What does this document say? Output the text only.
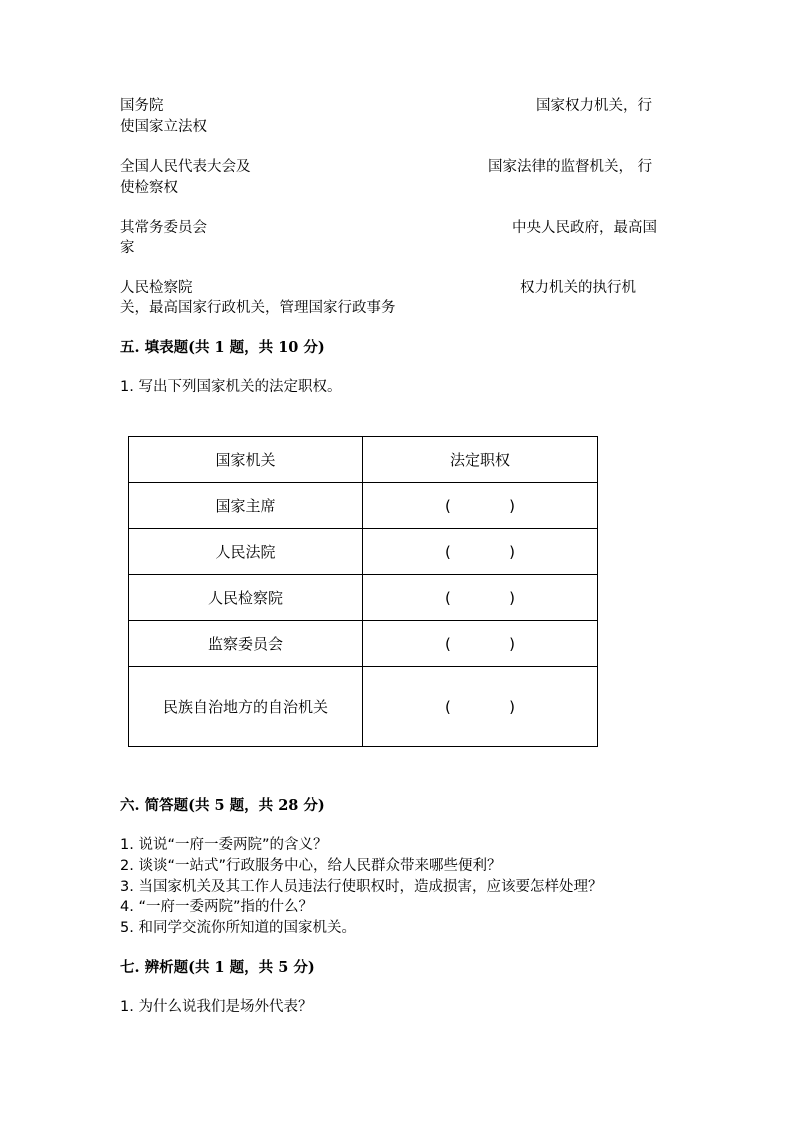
国务院	国家权力机关，行
使国家立法权
全国人民代表大会及	国家法律的监督机关， 行
使检察权
其常务委员会	中央人民政府，最高国
家
人民检察院	权力机关的执行机
关，最高国家行政机关，管理国家行政事务
五. 填表题(共 1 题，共 10 分)
1. 写出下列国家机关的法定职权。
国家机关	法定职权
国家主席	( )

人民法院	( )

人民检察院	( )

监察委员会	( )

民族自治地方的自治机关	( )
六. 简答题(共 5 题，共 28 分)
1. 说说“一府一委两院”的含义？
2. 谈谈“一站式”行政服务中心，给人民群众带来哪些便利？
3. 当国家机关及其工作人员违法行使职权时，造成损害，应该要怎样处理？
4. “一府一委两院”指的什么？
5. 和同学交流你所知道的国家机关。
七. 辨析题(共 1 题，共 5 分)
1. 为什么说我们是场外代表？
